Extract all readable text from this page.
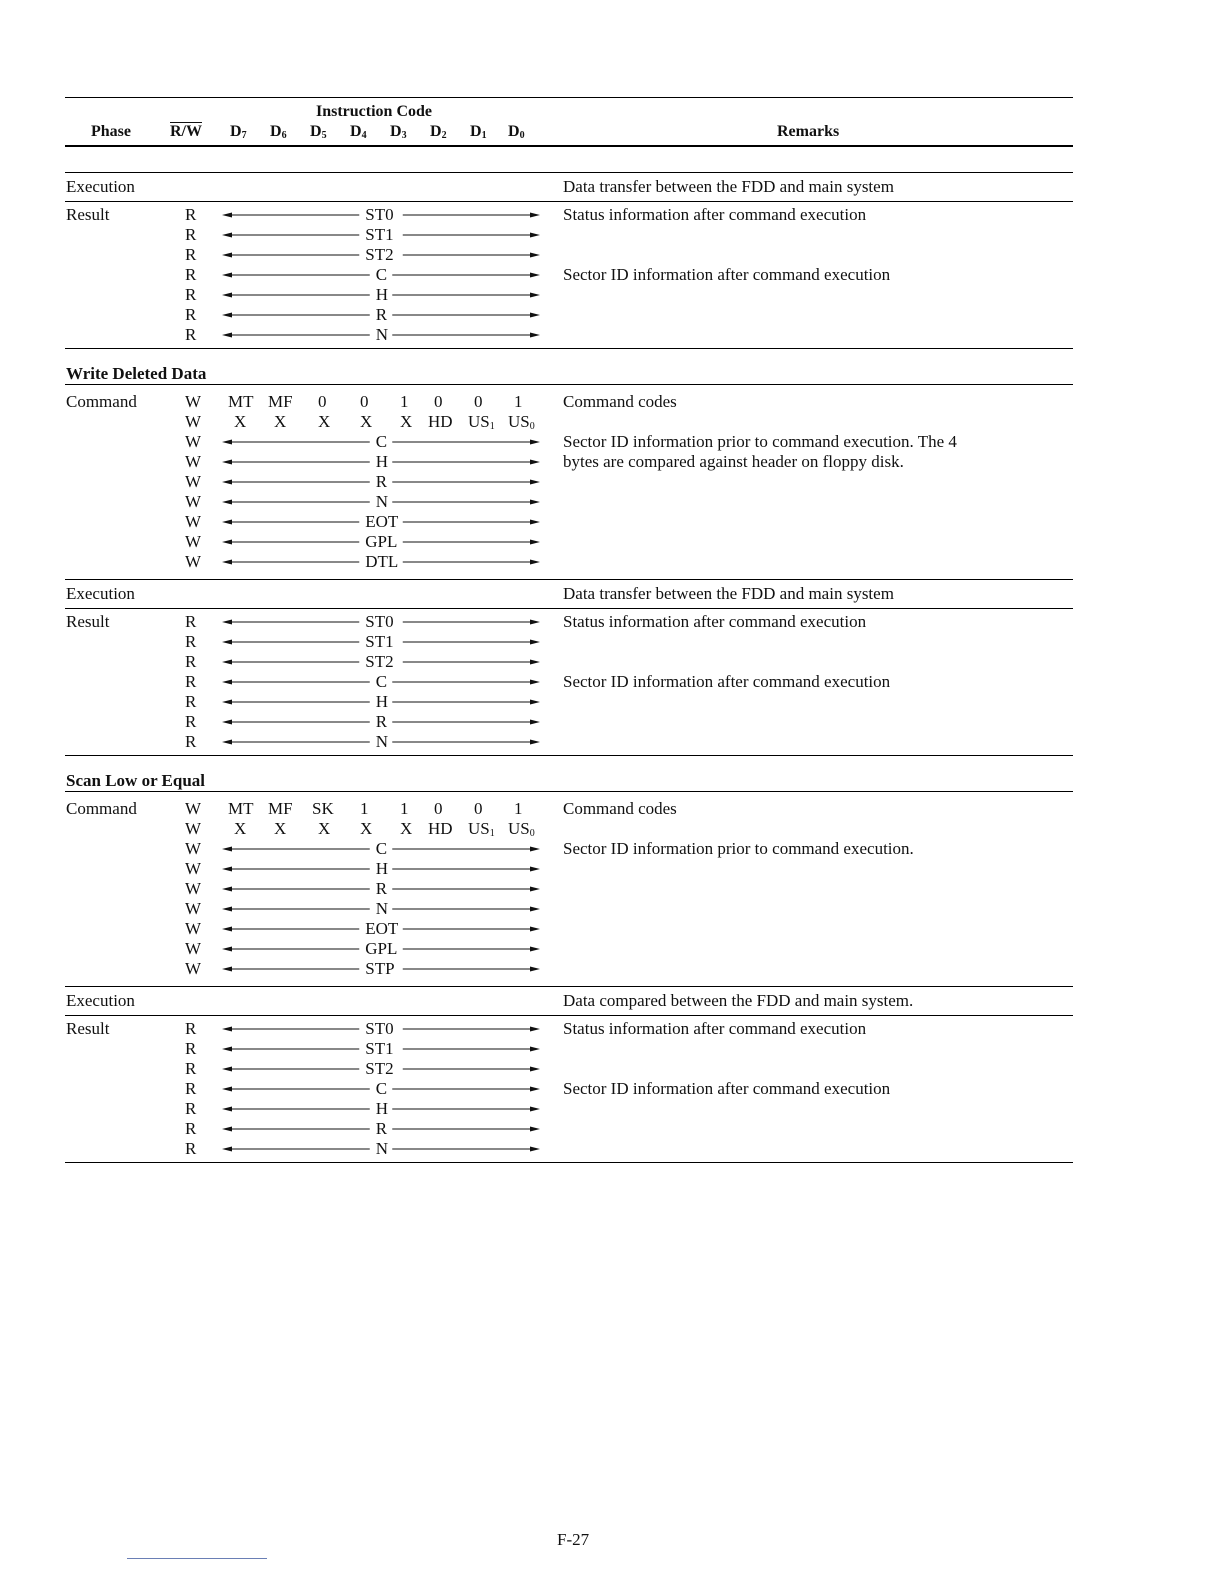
Instruction Code
Phase R/W $D_7$ $D_6$ $D_5$ $D_4$ $D_3$ $D_2$ $D_1$ $D_0$	Remarks
Execution	Data transfer between the FDD and main system
Result	R	ST0	Status information after command execution
R	ST1
R	ST2
R	C	Sector ID information after command execution
R	H
R	R
R	N
Write Deleted Data
Command	W MT MF 0 0 1 0 0 1 Command codes
W X X X X X HD $US_1$ $US_0$
W	C	Sector ID information prior to command execution. The 4
W	H	bytes are compared against header on floppy disk.
W	R
W	N
W	EOT
W	GPL
W	DTL
Execution	Data transfer between the FDD and main system
Result	R	ST0	Status information after command execution
R	ST1
R	ST2
R	C	Sector ID information after command execution
R	H
R	R
R	N
Scan Low or Equal
Command	W MT MF SK 1 1 0 0 1 Command codes
W X X X X X HD $US_1$ $US_0$
W	C	Sector ID information prior to command execution.
W	H
W	R
W	N
W	EOT
W	GPL
W	STP
Execution	Data compared between the FDD and main system.
Result	R	ST0	Status information after command execution
R	ST1
R	ST2
R	C	Sector ID information after command execution
R	H
R	R
R	N
F-27
